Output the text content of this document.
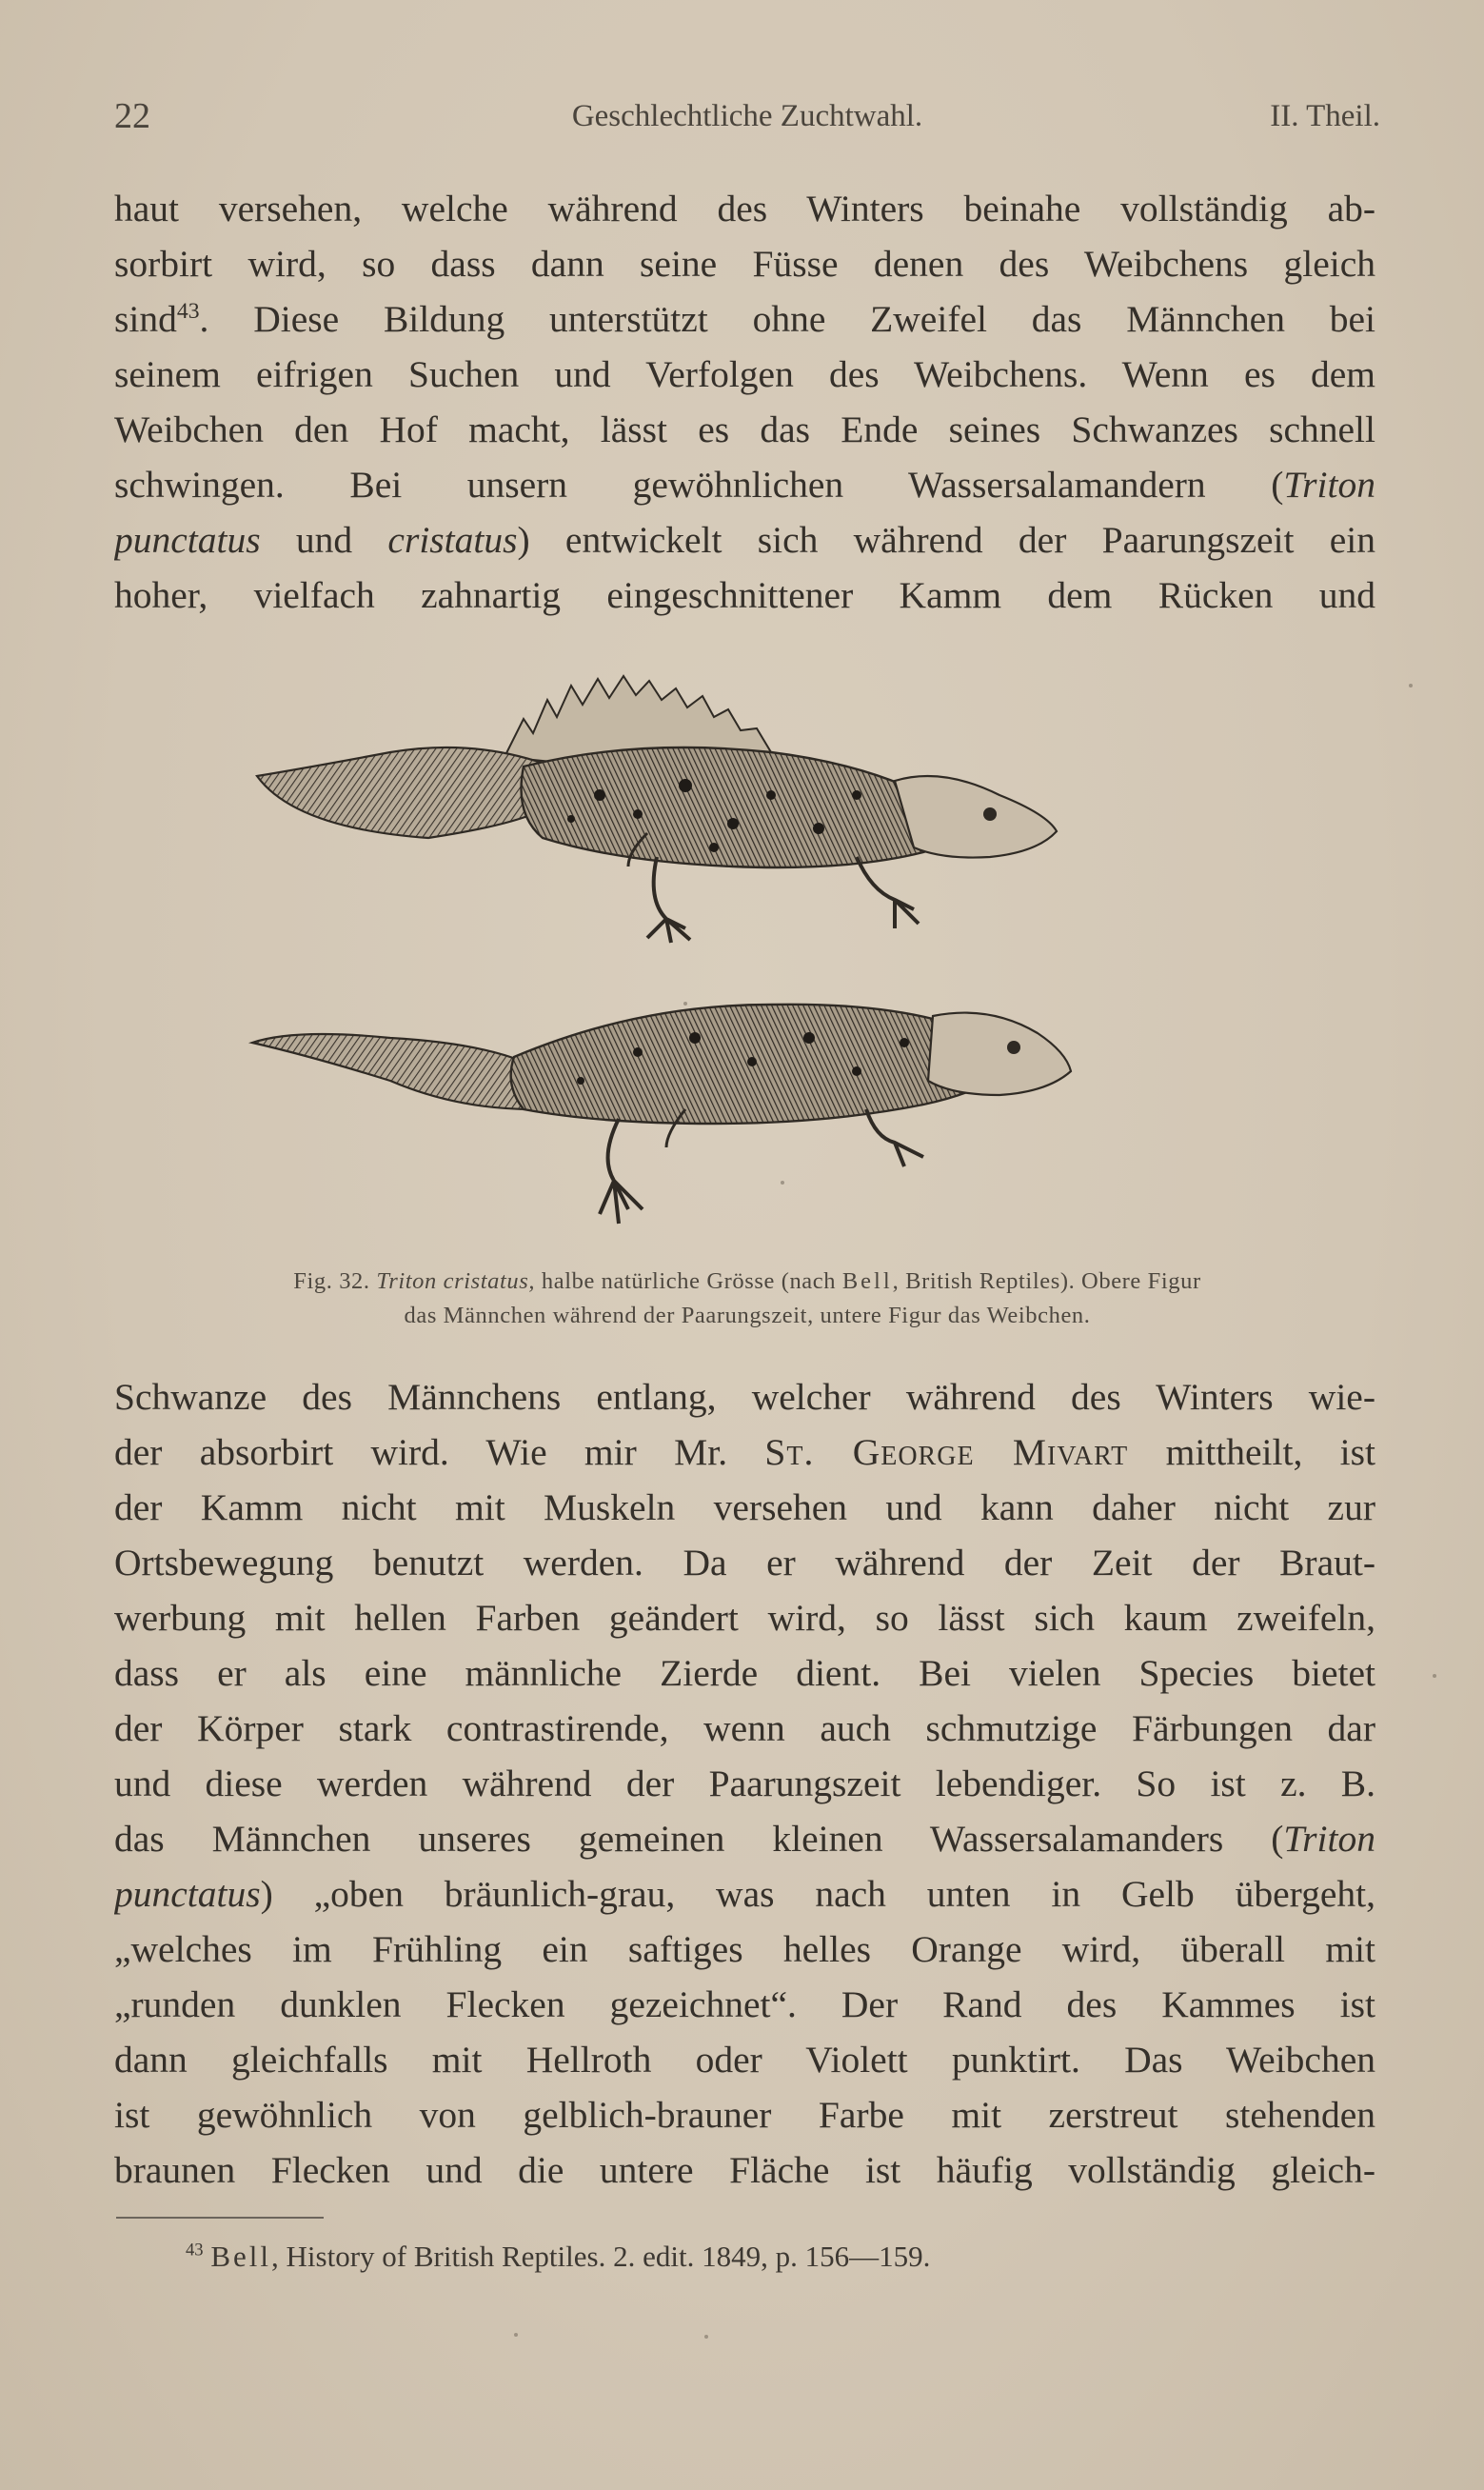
22	Geschlechtliche Zuchtwahl.	II. Theil.
haut versehen, welche während des Winters beinahe vollständig ab-
sorbirt wird, so dass dann seine Füsse denen des Weibchens gleich
sind$^{43}$. Diese Bildung unterstützt ohne Zweifel das Männchen bei
seinem eifrigen Suchen und Verfolgen des Weibchens. Wenn es dem
Weibchen den Hof macht, lässt es das Ende seines Schwanzes schnell
schwingen. Bei unsern gewöhnlichen Wassersalamandern (Triton
punctatus und cristatus) entwickelt sich während der Paarungszeit ein
hoher, vielfach zahnartig eingeschnittener Kamm dem Rücken und
Fig. 32. Triton cristatus, halbe natürliche Grösse (nach Bell, British Reptiles). Obere Figur
das Männchen während der Paarungszeit, untere Figur das Weibchen.
Schwanze des Männchens entlang, welcher während des Winters wie-
der absorbirt wird. Wie mir Mr. St. George Mivart mittheilt, ist
der Kamm nicht mit Muskeln versehen und kann daher nicht zur
Ortsbewegung benutzt werden. Da er während der Zeit der Braut-
werbung mit hellen Farben geändert wird, so lässt sich kaum zweifeln,
dass er als eine männliche Zierde dient. Bei vielen Species bietet
der Körper stark contrastirende, wenn auch schmutzige Färbungen dar
und diese werden während der Paarungszeit lebendiger. So ist z. B.
das Männchen unseres gemeinen kleinen Wassersalamanders (Triton
punctatus) „oben bräunlich-grau, was nach unten in Gelb übergeht,
„welches im Frühling ein saftiges helles Orange wird, überall mit
„runden dunklen Flecken gezeichnet“. Der Rand des Kammes ist
dann gleichfalls mit Hellroth oder Violett punktirt. Das Weibchen
ist gewöhnlich von gelblich-brauner Farbe mit zerstreut stehenden
braunen Flecken und die untere Fläche ist häufig vollständig gleich-
$^{43}$ Bell, History of British Reptiles. 2. edit. 1849, p. 156—159.
